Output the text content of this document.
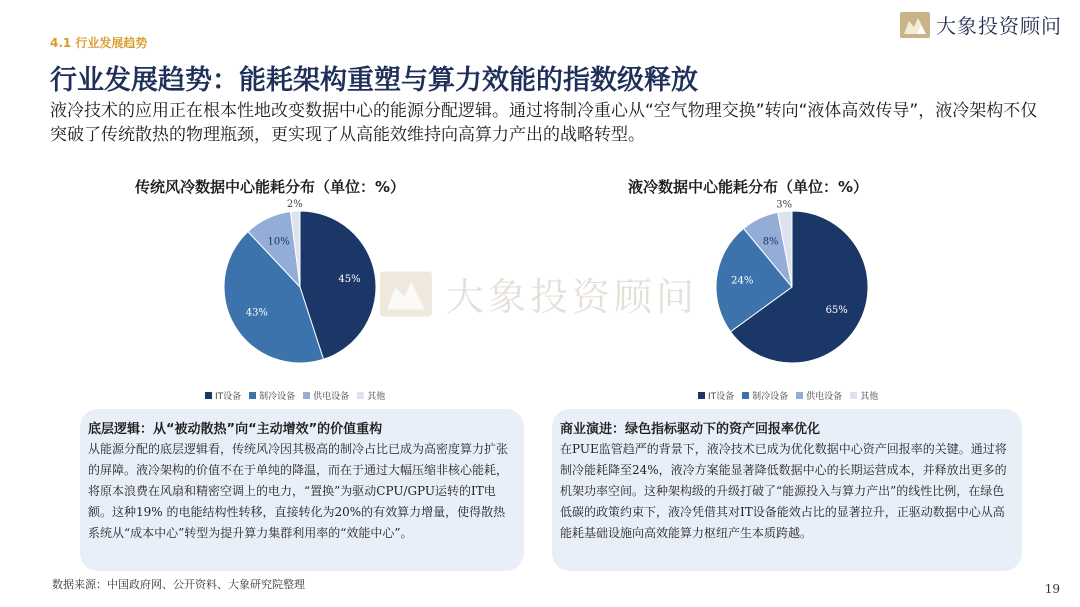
4.1 行业发展趋势
大象投资顾问
行业发展趋势：能耗架构重塑与算力效能的指数级释放
液冷技术的应用正在根本性地改变数据中心的能源分配逻辑。通过将制冷重心从“空气物理交换”转向“液体高效传导”，液冷架构不仅突破了传统散热的物理瓶颈，更实现了从高能效维持向高算力产出的战略转型。
传统风冷数据中心能耗分布（单位：%）	液冷数据中心能耗分布（单位：%）
45%
43%
10%
2%
65%
24%
8%
3%
IT设备 制冷设备 供电设备 其他	IT设备 制冷设备 供电设备 其他
大象投资顾问
底层逻辑：从“被动散热”向“主动增效”的价值重构
从能源分配的底层逻辑看，传统风冷因其极高的制冷占比已成为高密度算力扩张的屏障。液冷架构的价值不在于单纯的降温，而在于通过大幅压缩非核心能耗，将原本浪费在风扇和精密空调上的电力，“置换”为驱动CPU/GPU运转的IT电额。这种19% 的电能结构性转移，直接转化为20%的有效算力增量，使得散热系统从“成本中心”转型为提升算力集群利用率的“效能中心”。
商业演进：绿色指标驱动下的资产回报率优化
在PUE监管趋严的背景下，液冷技术已成为优化数据中心资产回报率的关键。通过将制冷能耗降至24%，液冷方案能显著降低数据中心的长期运营成本，并释放出更多的机架功率空间。这种架构级的升级打破了“能源投入与算力产出”的线性比例，在绿色低碳的政策约束下，液冷凭借其对IT设备能效占比的显著拉升，正驱动数据中心从高能耗基础设施向高效能算力枢纽产生本质跨越。
数据来源：中国政府网、公开资料、大象研究院整理	19
